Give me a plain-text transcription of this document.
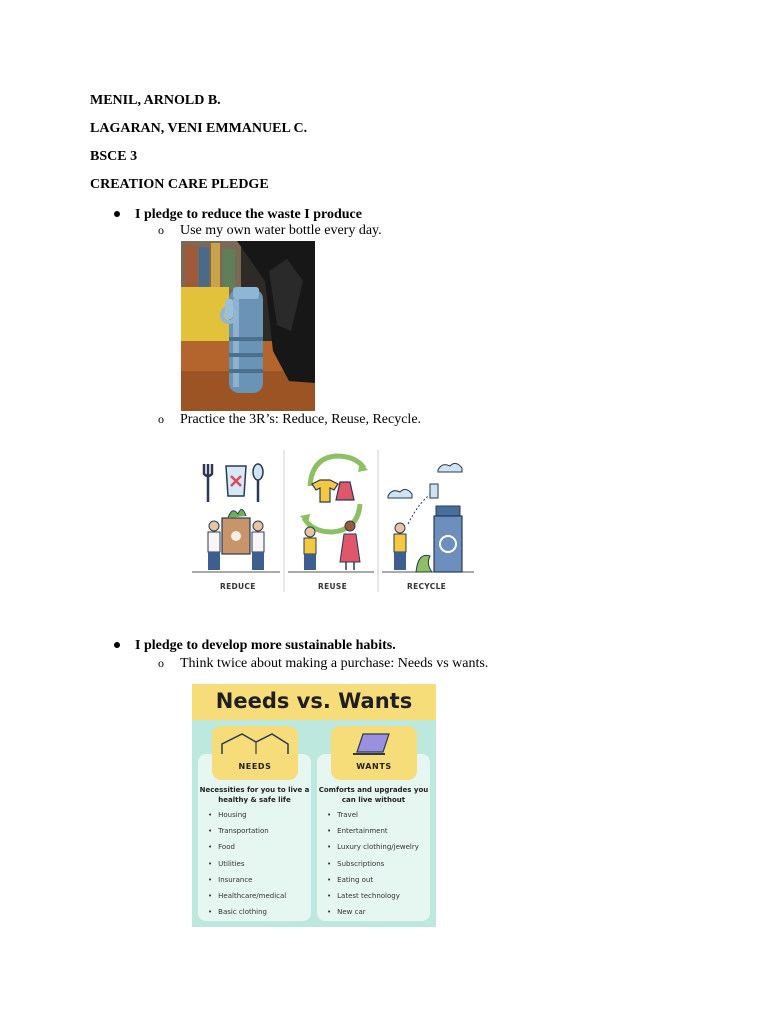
MENIL, ARNOLD B.
LAGARAN, VENI EMMANUEL C.
BSCE 3
CREATION CARE PLEDGE
I pledge to reduce the waste I produce
o Use my own water bottle every day.
o Practice the 3R’s: Reduce, Reuse, Recycle.
REDUCE	REUSE	RECYCLE
I pledge to develop more sustainable habits.
o Think twice about making a purchase: Needs vs wants.
Needs vs. Wants
Necessities for you to live a
healthy & safe life
• Housing
• Transportation
• Food
• Utilities
• Insurance
• Healthcare/medical
• Basic clothing
Comforts and upgrades you
can live without
• Travel
• Entertainment
• Luxury clothing/jewelry
• Subscriptions
• Eating out
• Latest technology
• New car
NEEDS	WANTS
